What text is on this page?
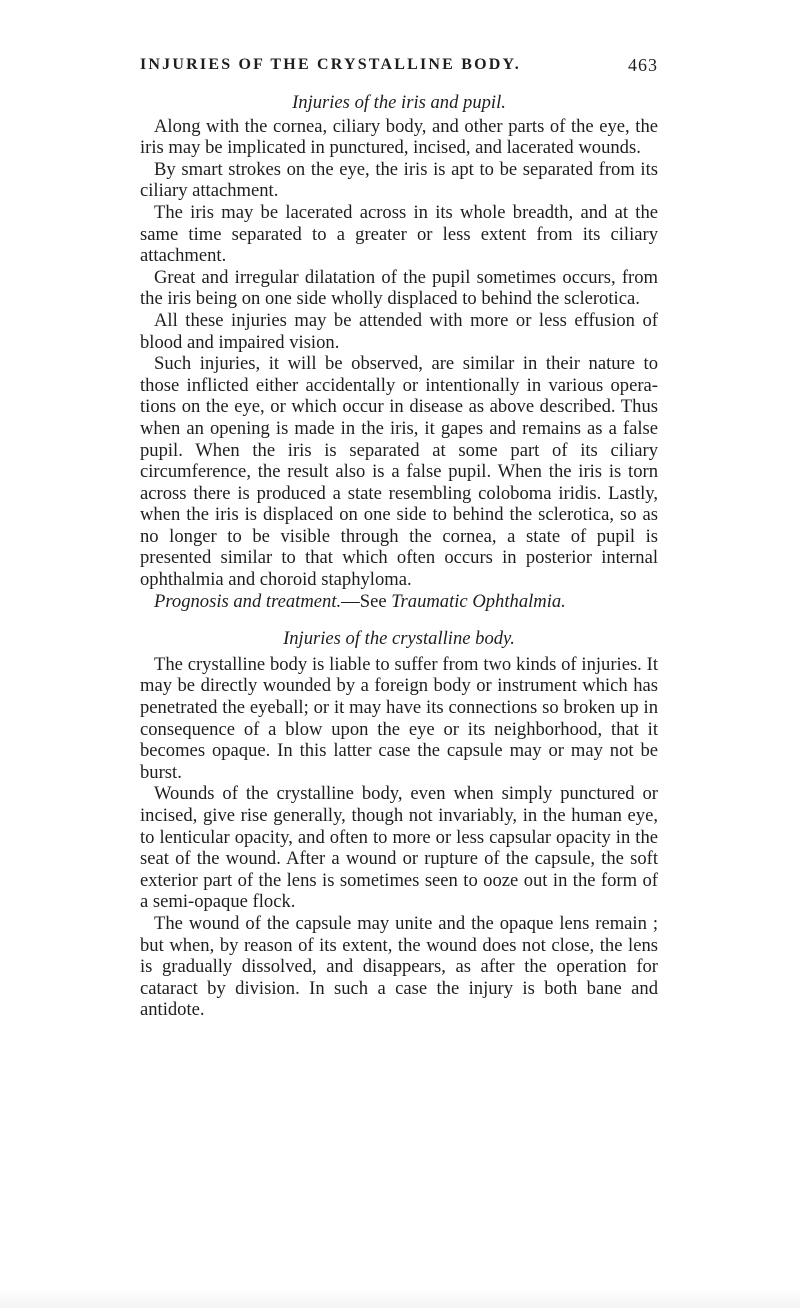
INJURIES OF THE CRYSTALLINE BODY.	463

Injuries of the iris and pupil.

Along with the cornea, ciliary body, and other parts of the eye, the iris may be implicated in punctured, incised, and lacerated wounds.

By smart strokes on the eye, the iris is apt to be separated from its ciliary attachment.

The iris may be lacerated across in its whole breadth, and at the same time separated to a greater or less extent from its ciliary attachment.

Great and irregular dilatation of the pupil sometimes occurs, from the iris being on one side wholly displaced to behind the sclerotica.

All these injuries may be attended with more or less effusion of blood and impaired vision.

Such injuries, it will be observed, are similar in their nature to those inflicted either accidentally or intentionally in various operations on the eye, or which occur in disease as above described. Thus when an opening is made in the iris, it gapes and remains as a false pupil. When the iris is separated at some part of its ciliary circumference, the result also is a false pupil. When the iris is torn across there is produced a state resembling coloboma iridis. Lastly, when the iris is displaced on one side to behind the sclerotica, so as no longer to be visible through the cornea, a state of pupil is presented similar to that which often occurs in posterior internal ophthalmia and choroid staphyloma.

Prognosis and treatment.—See Traumatic Ophthalmia.

Injuries of the crystalline body.

The crystalline body is liable to suffer from two kinds of injuries. It may be directly wounded by a foreign body or instrument which has penetrated the eyeball; or it may have its connections so broken up in consequence of a blow upon the eye or its neighborhood, that it becomes opaque. In this latter case the capsule may or may not be burst.

Wounds of the crystalline body, even when simply punctured or incised, give rise generally, though not invariably, in the human eye, to lenticular opacity, and often to more or less capsular opacity in the seat of the wound. After a wound or rupture of the capsule, the soft exterior part of the lens is sometimes seen to ooze out in the form of a semi-opaque flock.

The wound of the capsule may unite and the opaque lens remain ; but when, by reason of its extent, the wound does not close, the lens is gradually dissolved, and disappears, as after the operation for cataract by division. In such a case the injury is both bane and antidote.
